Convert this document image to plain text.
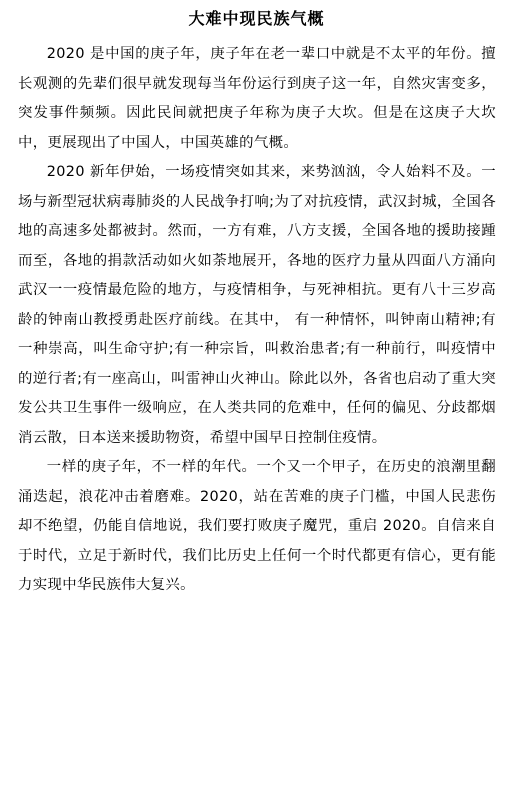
大难中现民族气概

2020 是中国的庚子年，庚子年在老一辈口中就是不太平的年份。擅长观测的先辈们很早就发现每当年份运行到庚子这一年，自然灾害变多，突发事件频频。因此民间就把庚子年称为庚子大坎。但是在这庚子大坎中，更展现出了中国人，中国英雄的气概。

2020 新年伊始，一场疫情突如其来，来势汹汹，令人始料不及。一场与新型冠状病毒肺炎的人民战争打响;为了对抗疫情，武汉封城，全国各地的高速多处都被封。然而，一方有难，八方支援，全国各地的援助接踵而至，各地的捐款活动如火如荼地展开，各地的医疗力量从四面八方涌向武汉一一疫情最危险的地方，与疫情相争，与死神相抗。更有八十三岁高龄的钟南山教授勇赴医疗前线。在其中， 有一种情怀，叫钟南山精神;有一种崇高，叫生命守护;有一种宗旨，叫救治患者;有一种前行，叫疫情中的逆行者;有一座高山，叫雷神山火神山。除此以外，各省也启动了重大突发公共卫生事件一级响应，在人类共同的危难中，任何的偏见、分歧都烟消云散，日本送来援助物资，希望中国早日控制住疫情。

一样的庚子年，不一样的年代。一个又一个甲子，在历史的浪潮里翻涌迭起，浪花冲击着磨难。2020，站在苦难的庚子门槛，中国人民悲伤却不绝望，仍能自信地说，我们要打败庚子魔咒，重启 2020。自信来自于时代，立足于新时代，我们比历史上任何一个时代都更有信心，更有能力实现中华民族伟大复兴。
